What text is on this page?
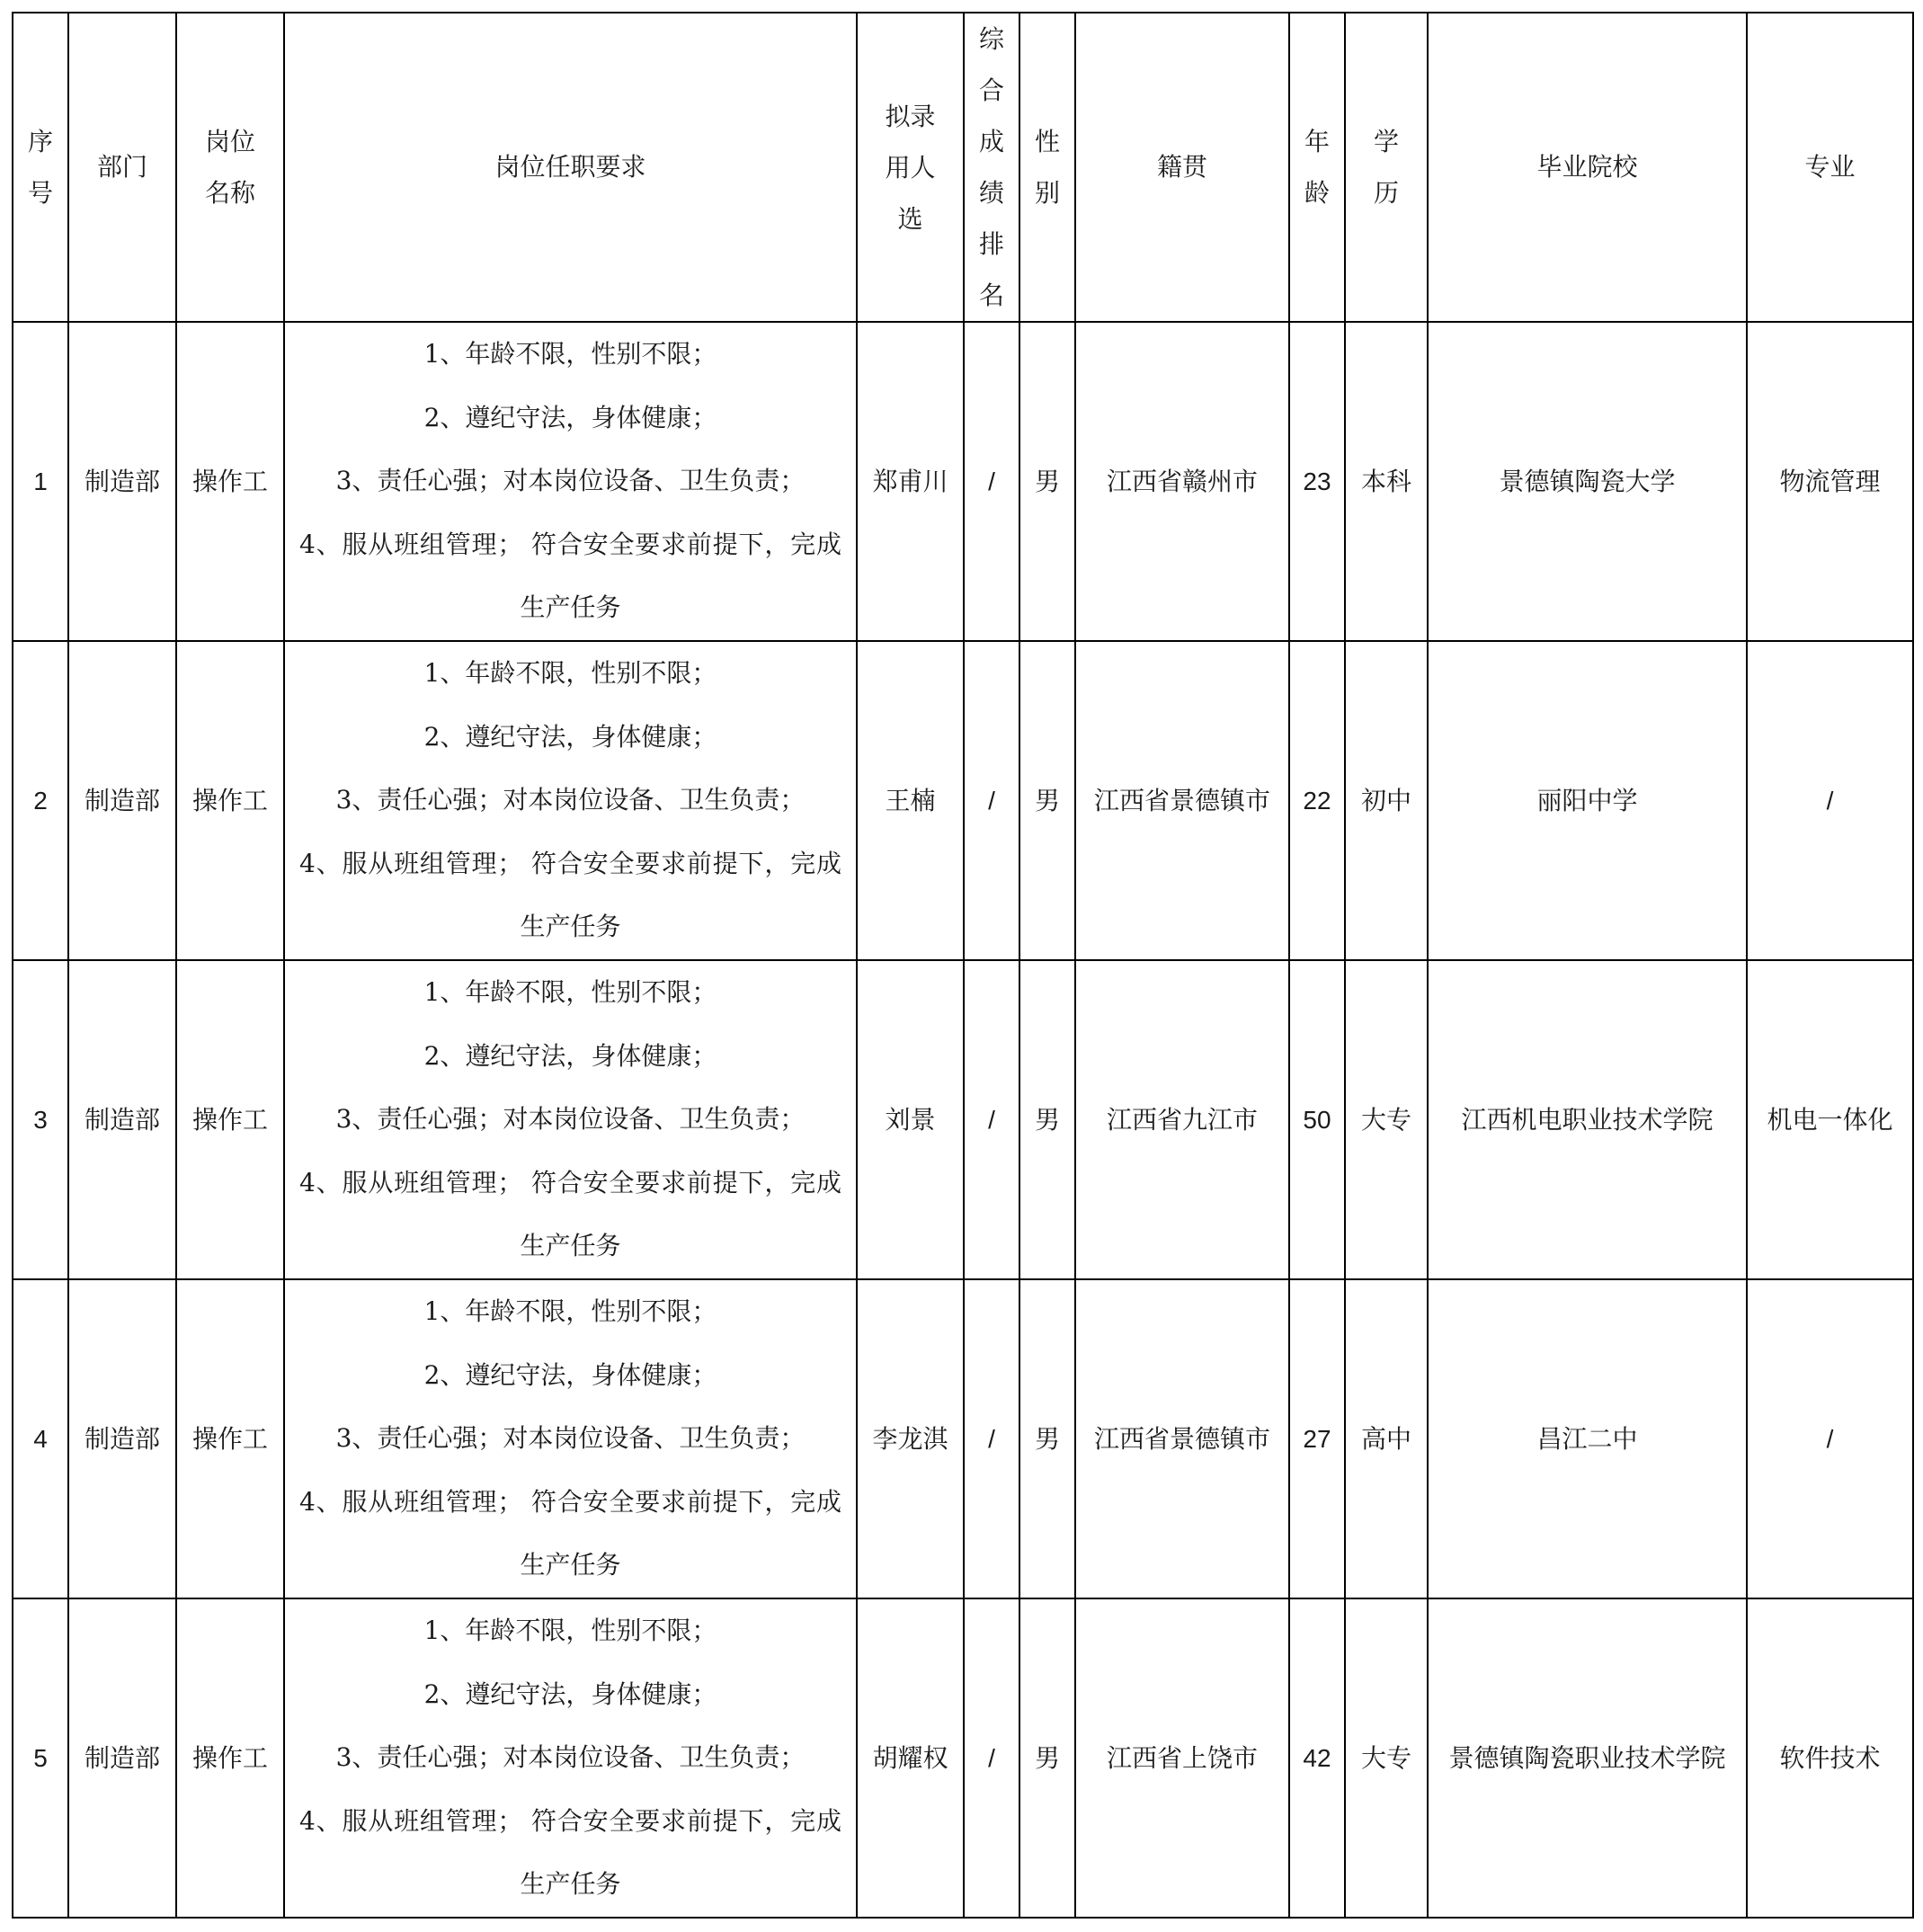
序号	部门	岗位名称	岗位任职要求	拟录用人选	综合成绩排名	性别	籍贯	年龄	学历	毕业院校	专业
1	制造部	操作工	1、年龄不限，性别不限；
2、遵纪守法，身体健康；
3、责任心强；对本岗位设备、卫生负责；
4、服从班组管理； 符合安全要求前提下，完成生产任务	郑甫川	/	男	江西省赣州市	23	本科	景德镇陶瓷大学	物流管理
2	制造部	操作工	1、年龄不限，性别不限；
2、遵纪守法，身体健康；
3、责任心强；对本岗位设备、卫生负责；
4、服从班组管理； 符合安全要求前提下，完成生产任务	王楠	/	男	江西省景德镇市	22	初中	丽阳中学	/
3	制造部	操作工	1、年龄不限，性别不限；
2、遵纪守法，身体健康；
3、责任心强；对本岗位设备、卫生负责；
4、服从班组管理； 符合安全要求前提下，完成生产任务	刘景	/	男	江西省九江市	50	大专	江西机电职业技术学院	机电一体化
4	制造部	操作工	1、年龄不限，性别不限；
2、遵纪守法，身体健康；
3、责任心强；对本岗位设备、卫生负责；
4、服从班组管理； 符合安全要求前提下，完成生产任务	李龙淇	/	男	江西省景德镇市	27	高中	昌江二中	/
5	制造部	操作工	1、年龄不限，性别不限；
2、遵纪守法，身体健康；
3、责任心强；对本岗位设备、卫生负责；
4、服从班组管理； 符合安全要求前提下，完成生产任务	胡耀权	/	男	江西省上饶市	42	大专	景德镇陶瓷职业技术学院	软件技术
